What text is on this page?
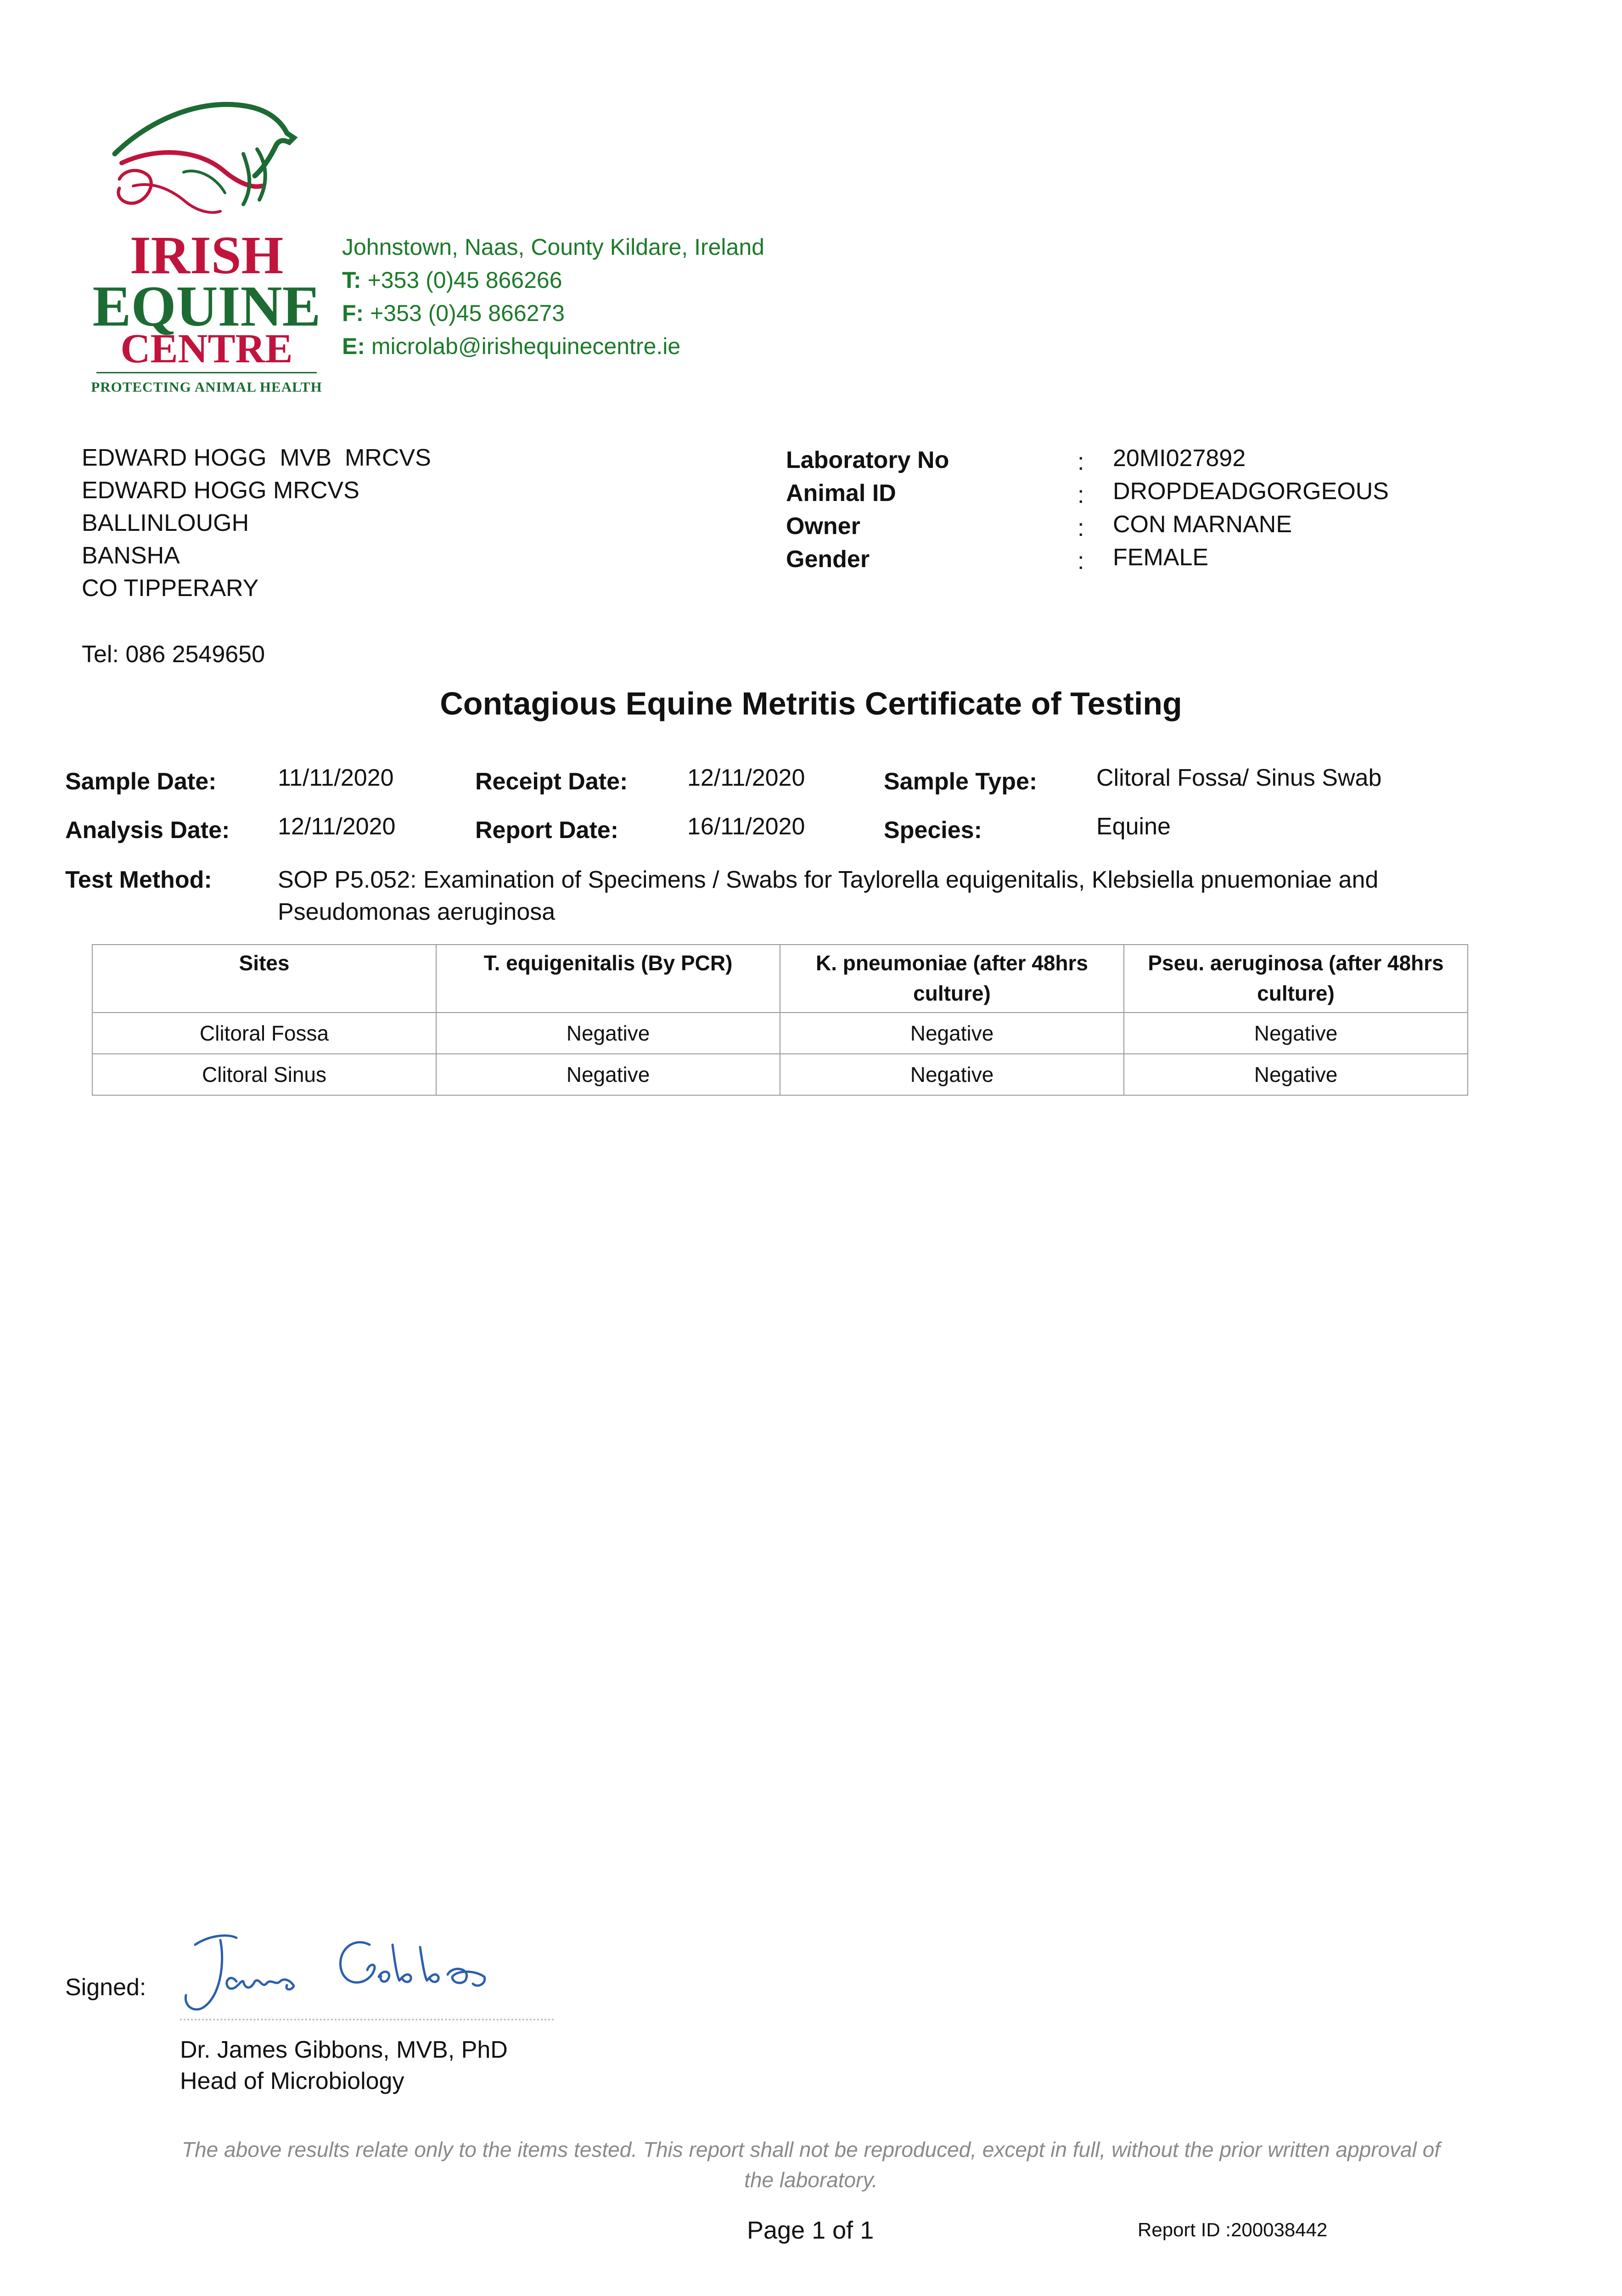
IRISH
EQUINE
CENTRE
PROTECTING ANIMAL HEALTH
Johnstown, Naas, County Kildare, Ireland
T: +353 (0)45 866266
F: +353 (0)45 866273
E: microlab@irishequinecentre.ie
EDWARD HOGG  MVB  MRCVS
EDWARD HOGG MRCVS
BALLINLOUGH
BANSHA
CO TIPPERARY
Tel: 086 2549650
Laboratory No	: 20MI027892
Animal ID	: DROPDEADGORGEOUS
Owner	: CON MARNANE
Gender	: FEMALE
Contagious Equine Metritis Certificate of Testing
Sample Date:	11/11/2020	Receipt Date: 12/11/2020	Sample Type: Clitoral Fossa/ Sinus Swab
Analysis Date: 12/11/2020	Report Date:	16/11/2020	Species:	Equine
Test Method:	SOP P5.052: Examination of Specimens / Swabs for Taylorella equigenitalis, Klebsiella pnuemoniae and
Pseudomonas aeruginosa
Sites	T. equigenitalis (By PCR)	K. pneumoniae (after 48hrs culture)	Pseu. aeruginosa (after 48hrs culture)
Clitoral Fossa	Negative	Negative	Negative
Clitoral Sinus	Negative	Negative	Negative
Signed:
Dr. James Gibbons, MVB, PhD
Head of Microbiology
The above results relate only to the items tested. This report shall not be reproduced, except in full, without the prior written approval of
the laboratory.
Page 1 of 1	Report ID :200038442
